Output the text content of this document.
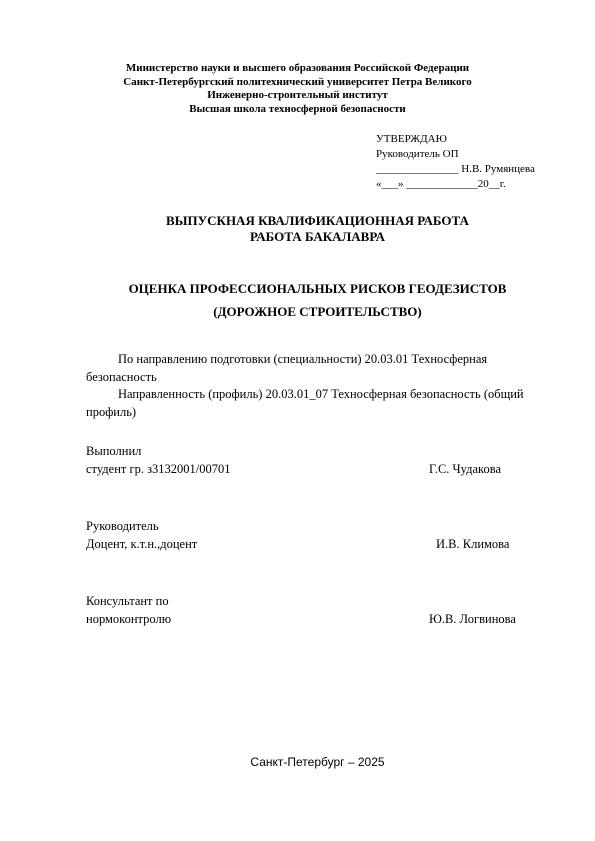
Министерство науки и высшего образования Российской Федерации
Санкт-Петербургский политехнический университет Петра Великого
Инженерно-строительный институт
Высшая школа техносферной безопасности
УТВЕРЖДАЮ
Руководитель ОП
_______________ Н.В. Румянцева
«___» _____________20__г.
ВЫПУСКНАЯ КВАЛИФИКАЦИОННАЯ РАБОТА
РАБОТА БАКАЛАВРА
ОЦЕНКА ПРОФЕССИОНАЛЬНЫХ РИСКОВ ГЕОДЕЗИСТОВ
(ДОРОЖНОЕ СТРОИТЕЛЬСТВО)

По направлению подготовки (специальности) 20.03.01 Техносферная безопасность

Направленность (профиль) 20.03.01_07 Техносферная безопасность (общий профиль)

Выполнил
студент гр. з3132001/00701	Г.С. Чудакова
Руководитель
Доцент, к.т.н.,доцент	И.В. Климова
Консультант по
нормоконтролю	Ю.В. Логвинова
Санкт-Петербург – 2025
